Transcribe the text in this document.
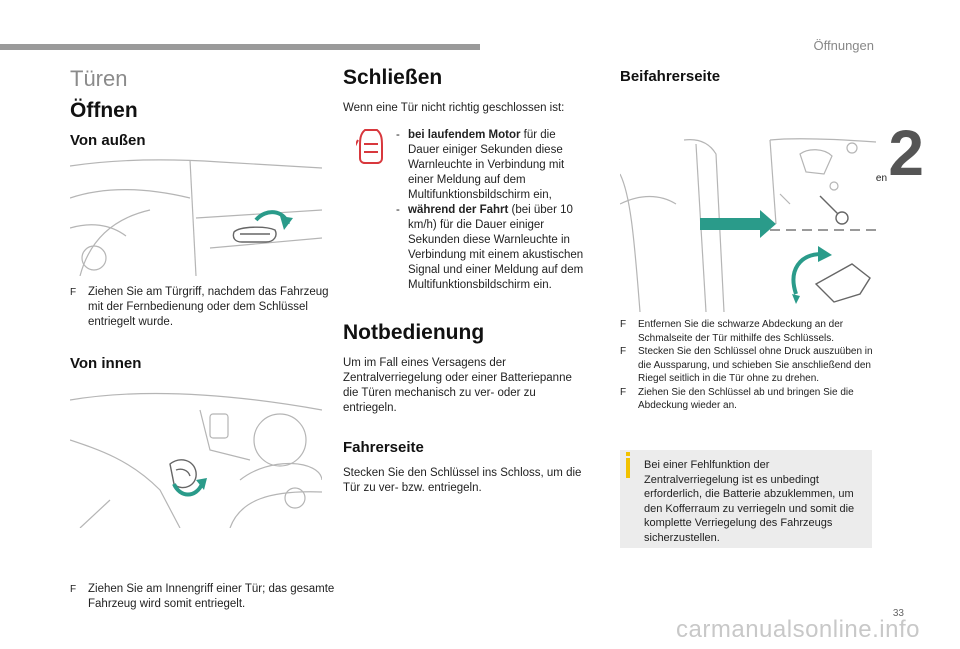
Öffnungen
2
Türen
Öffnen
Von außen
F Ziehen Sie am Türgriff, nachdem das Fahrzeug mit der Fernbedienung oder dem Schlüssel entriegelt wurde.
Von innen
F Ziehen Sie am Innengriff einer Tür; das gesamte Fahrzeug wird somit entriegelt.
Schließen
Wenn eine Tür nicht richtig geschlossen ist:
- bei laufendem Motor für die Dauer einiger Sekunden diese Warnleuchte in Verbindung mit einer Meldung auf dem Multifunktionsbildschirm ein,
- während der Fahrt (bei über 10 km/h) für die Dauer einiger Sekunden diese Warnleuchte in Verbindung mit einem akustischen Signal und einer Meldung auf dem Multifunktionsbildschirm ein.
Notbedienung
Um im Fall eines Versagens der Zentralverriegelung oder einer Batteriepanne die Türen mechanisch zu ver- oder zu entriegeln.
Fahrerseite
Stecken Sie den Schlüssel ins Schloss, um die Tür zu ver- bzw. entriegeln.
Beifahrerseite
F Vergewissern Sie sich, dass die Kindersicherung an den hinteren Türen deaktiviert ist.
F Entfernen Sie die schwarze Abdeckung an der Schmalseite der Tür mithilfe des Schlüssels.
F Stecken Sie den Schlüssel ohne Druck auszuüben in die Aussparung, und schieben Sie anschließend den Riegel seitlich in die Tür ohne zu drehen.
F Ziehen Sie den Schlüssel ab und bringen Sie die Abdeckung wieder an.
Bei einer Fehlfunktion der Zentralverriegelung ist es unbedingt erforderlich, die Batterie abzuklemmen, um den Kofferraum zu verriegeln und somit die komplette Verriegelung des Fahrzeugs sicherzustellen.
33
carmanualsonline.info
